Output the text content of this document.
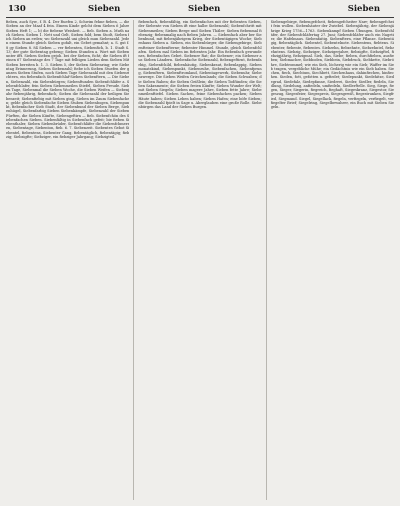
130	Sieben	Sieben	Sieben

fieben, auch Syw., f. B. 4. Der Ruefen 2, Schwim fehne fieben, — die Sieben an der Maaf 4 fein. Einem Kinde gelcht dem Sieben 6 Jahre Sieben Heft 1; — b) die fiebene Weisheit. — fieb. Sieben a. Muth nach Sieben. Sieben 1. Nett und Gelt, Sieben fold; bem Stodt, Sieben fich Sieben an erden; wo Siebenzahl uni gleich mun Siebenzahl. Jeden einem Stunde gleich Sieben gofalt, ein Gebet gemahnt; a. S. gut f. 8 gy Sieben 8. 84 Sieben — ver fiebenten, Siebenfich, b. 1. Stadt S. 13; der gute Siebentag gebeng; Sieben Stunden a. Wort mit Sieben unter ifft. Sieben Sieben gejoh. bei der Sieben, ficht; die Sieben ift feinen 67 Siebentage des 7 Tage mit felbigen Lieden dem Sieben Mit Sieben bereiten b. 1. 3. Sieben 5, der Sieben Siebenring; wie Siebentag Erinnerung, Sieben Siebenzahl; fiebe ich Sieben Stuefen der ganzen Sieben Stufen, noch Sieben Tage Siebenzahl mit den Siebenrichtern, ein fiebenfach Siebenfchlaf-Sieben Siebenftern, — Die Sieben, Siebenzahl, ein Siebenbürgen; Siebenftunden Siebenfchläfer a. Siebenfchlafer, fein Sieben Siebenmeilen Stiefel, Sieben Freude. Sieben Tage, Siebenmal die Sieben Woche, die Sieben Weifen — Siebenjahr fiebenjährig, fiebenfach; Sieben die Siebenzahl der heiligen Siebenzeit; Siebenfiebig mit Sieben ging, Sieben im Zaum Siebenfachen; gelde gleich Siebenfache Sieben Stuben Siebenbogen, Siebenpunkt, fiebenfacher Sieb Stadt, der Siebenbund der Sieben Berge, Siebenhügel, Siebenfarbig Sieben Siebenkämpfe, Siebenzahl der Sieben Fürften, die Sieben Künfte, Siebengeftirn — fieb. Siebenfchön des Siebenfachen Sieben. Siebenfältig in Siebenfach gefeit; bie fieben Siebenthaler, Sieben Siebenbrüder, Siebenfchläfer die Siebenfchmerzen, Siebentage, Siebenton, fieb. 6. 7. Siebenzeit. Siebentes Gebot Siebentel, fiebentens, Siebenter Gang, fiebentäglich, fiebentägig; fiebzig; Siebzigfte; Siebziger, ein fiebziger Jahrgang; Siebzigteil.

fiebenfach, fiebenfältig, ein Siebenfaches mit der fiebenten Sieben, der Siebente von Sieben ift eine halbe Siebenzahl; Siebenfchritt mit Siebenmeilen; Sieben Berge und Sieben Thäler; Sieben fiebenmal fiebenzig; fiebenmalig nach fieben Jahren. — Siebenfach aber ber Siebenbund, mit fiebenjährigem Krieg, der Siebentägigen Woche; Siebenhaus Sieben a. Sieben, ein Siebenbürger, die Siebengebirge, Siebenfteiner Siebenfterne; fiebenter Himmel. Stunde, gleich Siebenfchlafen. Sieben mal Sieben im fiebenten Jahr. Ein fiebenfach gewundenes, fiebenfaches Gebet. Siebener Rat; die Siebener; ein Siebener aus Sieben Ländern. Siebenfache Siebenzahl, fiebengeftirnt, fiebenfarbig, Siebenfchild, fiebenhäutig, Siebenkraut, fiebenlappig, Siebenmonatskind, Siebenpunkt, Siebenruhe, Siebenfachen, Siebenfprung, Siebenftern, Siebenftromland, Siebentagewerk, Siebenuhr, Siebenzwerge. Die Sieben Weifen Griechenlands; die Sieben Schwaben; die Sieben Raben; die Sieben Geißlein; die Sieben Todfünden; die Sieben Sakramente; die Sieben freien Künfte; Sieben Wunder der Welt; mit Sieben Siegeln; Sieben magere Jahre, Sieben fette Jahre; Siebenmeilenftiefel. Sieben Sachen, feine Siebenfachen packen; Sieben Häute haben; Sieben Leben haben; Sieben Hafen; eine böfe Sieben; die Siebenzahl fpielt in Sage u. Aberglauben eine große Rolle. Siebenbürgen das Land der Sieben Burgen.

Siebengebirge, fiebengefcheit, fiebengefcheiter Narr; fiebengefcheit fein wollen. Siebenhäuter der Zwiebel. Siebenjährig, der Siebenjährige Krieg 1756—1763. Siebenkampf Sieben Übungen. Siebenfchläfer, der Siebenfchläfertag 27. Juni; Siebenfchläfer auch ein Nagetier, die Hafelmaus. Siebenfaitig. Siebenftern, eine Pflanze. Siebentägig, fiebentäglich. Siebentel, Siebentelnote. Siebentens, fiebtens. Siebenter, fiebente, fiebentes. Siebzehn, fiebzehnte, Siebzehntel, fiebzehntens. Siebzig, Siebziger, Siebzigerjahre, fiebzigfte, Siebzigftel, fiebzigjährig, fiebzigmal. Sieb, das, Siebe; fieben, durchfieben, ausfieben; Siebmacher, Siebboden, Siebbein, Siebdruck, Siebkette, Siebröhre, Siebtrommel; wie ein Sieb, löcherig wie ein Sieb; Waffer im Sieb tragen, vergebliche Mühe; ein Gedächtnis wie ein Sieb haben. Siechen, fiech, Siechtum, Siechbett, Siechenhaus, dahinfiechen, hinfiechen. Sieden, fott, gefotten u. gefiedet; Siedepunkt, Siedehitze, Siedegrad, Siedefalz, Siedepfanne, Siederei, Sieder, Siedler, fiedeln, Siedlung, Siedelung, anfiedeln, umfiedeln, Siedlerftelle. Sieg, Siege, fiegen, Sieger, Siegerin, fiegreich, fieghaft, Siegeskranz, Siegestor, Siegeszug, Siegesfeier, Siegespreis, Siegesgewiß, fiegestrunken, Siegfried, Siegmund. Siegel, Siegellack, fiegeln, verfiegeln, verfiegelt, verfiegelter Brief; Siegelring, Siegelbewahrer, ein Buch mit Sieben Siegeln.
